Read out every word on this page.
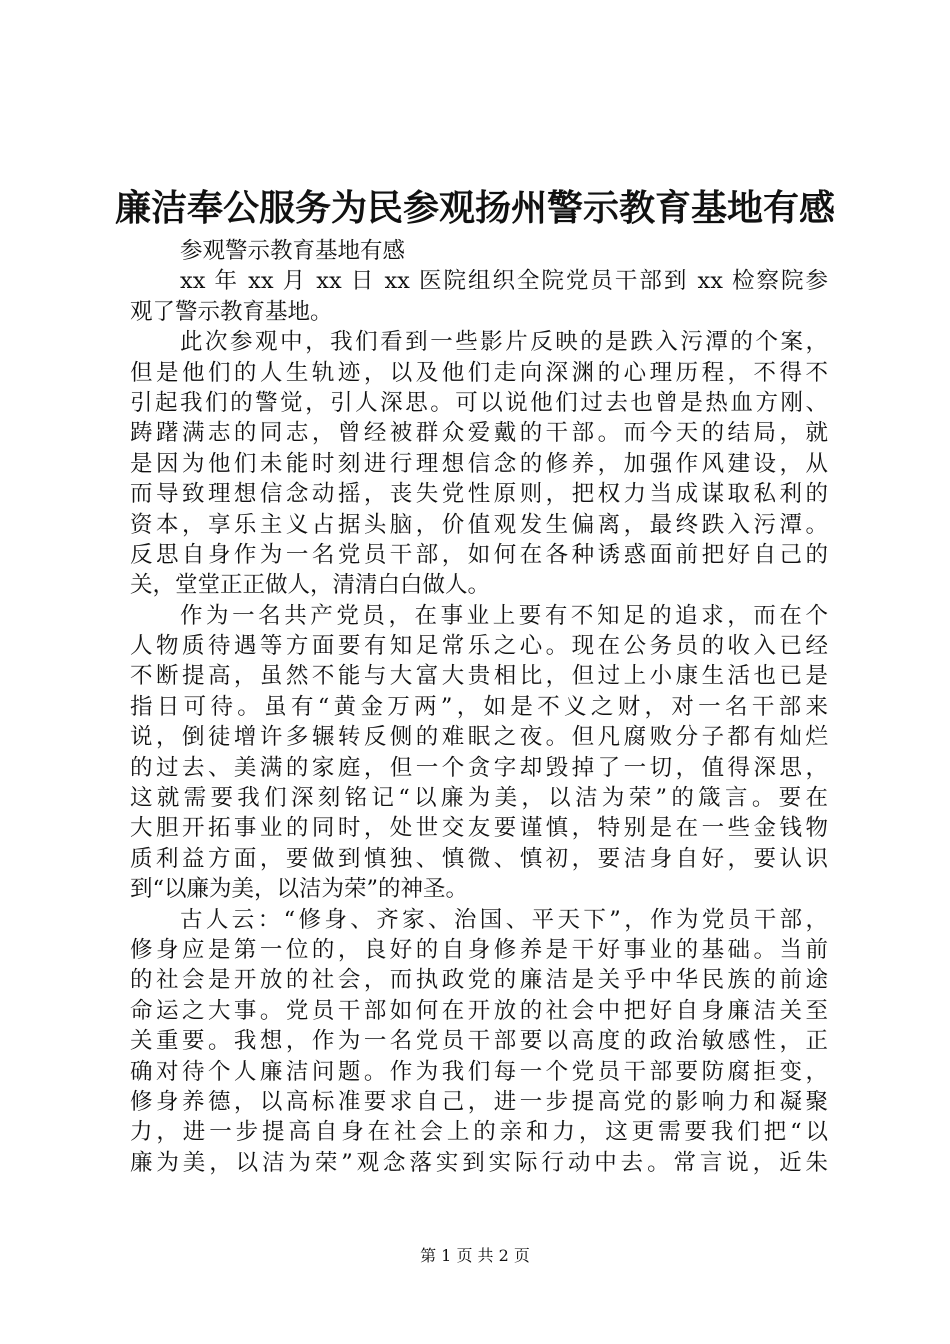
廉洁奉公服务为民参观扬州警示教育基地有感
参观警示教育基地有感
xx 年 xx 月 xx 日 xx 医院组织全院党员干部到 xx 检察院参
观了警示教育基地。
此次参观中，我们看到一些影片反映的是跌入污潭的个案，
但是他们的人生轨迹，以及他们走向深渊的心理历程，不得不
引起我们的警觉，引人深思。可以说他们过去也曾是热血方刚、
踌躇满志的同志，曾经被群众爱戴的干部。而今天的结局，就
是因为他们未能时刻进行理想信念的修养，加强作风建设，从
而导致理想信念动摇，丧失党性原则，把权力当成谋取私利的
资本，享乐主义占据头脑，价值观发生偏离，最终跌入污潭。
反思自身作为一名党员干部，如何在各种诱惑面前把好自己的
关，堂堂正正做人，清清白白做人。
作为一名共产党员，在事业上要有不知足的追求，而在个
人物质待遇等方面要有知足常乐之心。现在公务员的收入已经
不断提高，虽然不能与大富大贵相比，但过上小康生活也已是
指日可待。虽有“黄金万两”，如是不义之财，对一名干部来
说，倒徒增许多辗转反侧的难眠之夜。但凡腐败分子都有灿烂
的过去、美满的家庭，但一个贪字却毁掉了一切，值得深思，
这就需要我们深刻铭记“以廉为美，以洁为荣”的箴言。要在
大胆开拓事业的同时，处世交友要谨慎，特别是在一些金钱物
质利益方面，要做到慎独、慎微、慎初，要洁身自好，要认识
到“以廉为美，以洁为荣”的神圣。
古人云：“修身、齐家、治国、平天下”，作为党员干部，
修身应是第一位的，良好的自身修养是干好事业的基础。当前
的社会是开放的社会，而执政党的廉洁是关乎中华民族的前途
命运之大事。党员干部如何在开放的社会中把好自身廉洁关至
关重要。我想，作为一名党员干部要以高度的政治敏感性，正
确对待个人廉洁问题。作为我们每一个党员干部要防腐拒变，
修身养德，以高标准要求自己，进一步提高党的影响力和凝聚
力，进一步提高自身在社会上的亲和力，这更需要我们把“以
廉为美，以洁为荣”观念落实到实际行动中去。常言说，近朱
第 1 页 共 2 页
